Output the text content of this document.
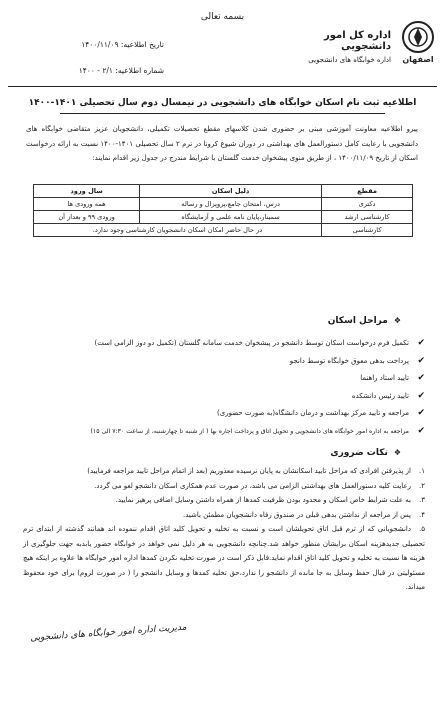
بسمه تعالی
اصفهان
اداره کل امور دانشجویی
اداره خوابگاه های دانشجویی
تاریخ اطلاعیه: ۱۴۰۰/۱۱/۰۹
شماره اطلاعیه: ۲/۱ - ۱۴۰۰
اطلاعیه ثبت نام اسکان خوابگاه های دانشجویی در نیمسال دوم سال تحصیلی ۱۴۰۱-۱۴۰۰
پیرو اطلاعیه معاونت آموزشی مبنی بر حضوری شدن کلاسهای مقطع تحصیلات تکمیلی، دانشجویان عزیز متقاضی خوابگاه های دانشجویی با رعایت کامل دستورالعمل های بهداشتی در دوران شیوع کرونا در ترم ۲ سال تحصیلی ۱۴۰۱-۱۴۰۰ نسبت به ارائه درخواست اسکان از تاریخ ۱۴۰۰/۱۱/۰۹ ، از طریق منوی پیشخوان خدمت گلستان با شرایط مندرج در جدول زیر اقدام نمایند:
مقطع	دلیل اسکان	سال ورود
دکتری	درس، امتحان جامع،پروپزال و رساله	همه ورودی ها
کارشناسی ارشد	سمینار،پایان نامه علمی و آزمایشگاه	ورودی ۹۹ و بعداز آن
کارشناسی	در حال حاضر امکان اسکان دانشجویان کارشناسی وجود ندارد.	
❖مراحل اسکان
✔تکمیل فرم درخواست اسکان توسط دانشجو در پیشخوان خدمت سامانه گلستان (تکمیل دو دوز الزامی است)
✔پرداخت بدهی معوق خوابگاه توسط دانجو
✔تایید استاد راهنما
✔تایید رئیس دانشکده
✔مراجعه و تایید مرکز بهداشت و درمان دانشگاه(به صورت حضوری)
✔مراجعه به اداره امور خوابگاه های دانشجویی و تحویل اتاق و پرداخت اجاره بها ( از شنبه تا چهارشنبه، از ساعت ۷:۳۰ الی ۱۵)
❖نکات ضروری
۱.از پذیرفتن افرادی که مراحل تایید اسکانشان به پایان نرسیده معذوریم (بعد از اتمام مراحل تایید مراجعه فرمایید)
۲.رعایت کلیه دستورالعمل های بهداشتی الزامی می باشد، در صورت عدم همکاری اسکان دانشجو لغو می گردد.
۳.به علت شرایط خاص اسکان و محدود بودن ظرفیت کمدها از همراه داشتن وسایل اضافی پرهیز نمایید.
۴.پس از مراجعه از نداشتن بدهی قبلی در صندوق رفاه دانشجویان مطمئن باشید.
۵.دانشجویانی که از ترم قبل اتاق تحویلشان است و نسبت به تخلیه و تحویل کلید اتاق اقدام ننموده اند همانند گذشته از ابتدای ترم تحصیلی جدیدهزینه اسکان برایشان منظور خواهد شد.چنانچه دانشجویی به هر دلیل نمی خواهد در خوابگاه حضور یابدبه جهت جلوگیری از هزینه ها نسبت به تخلیه و تحویل کلید اتاق اقدام نماید.قابل ذکر است در صورت تخلیه نکردن کمدها اداره امور خوابگاه ها علاوه بر اینکه هیچ مسئولیتی در قبال حفظ وسایل به جا مانده از دانشجو را ندارد،حق تخلیه کمدها و وسایل دانشجو را ( در صورت لزوم) برای خود محفوظ میداند.
مدیریت اداره امور خوابگاه های دانشجویی
